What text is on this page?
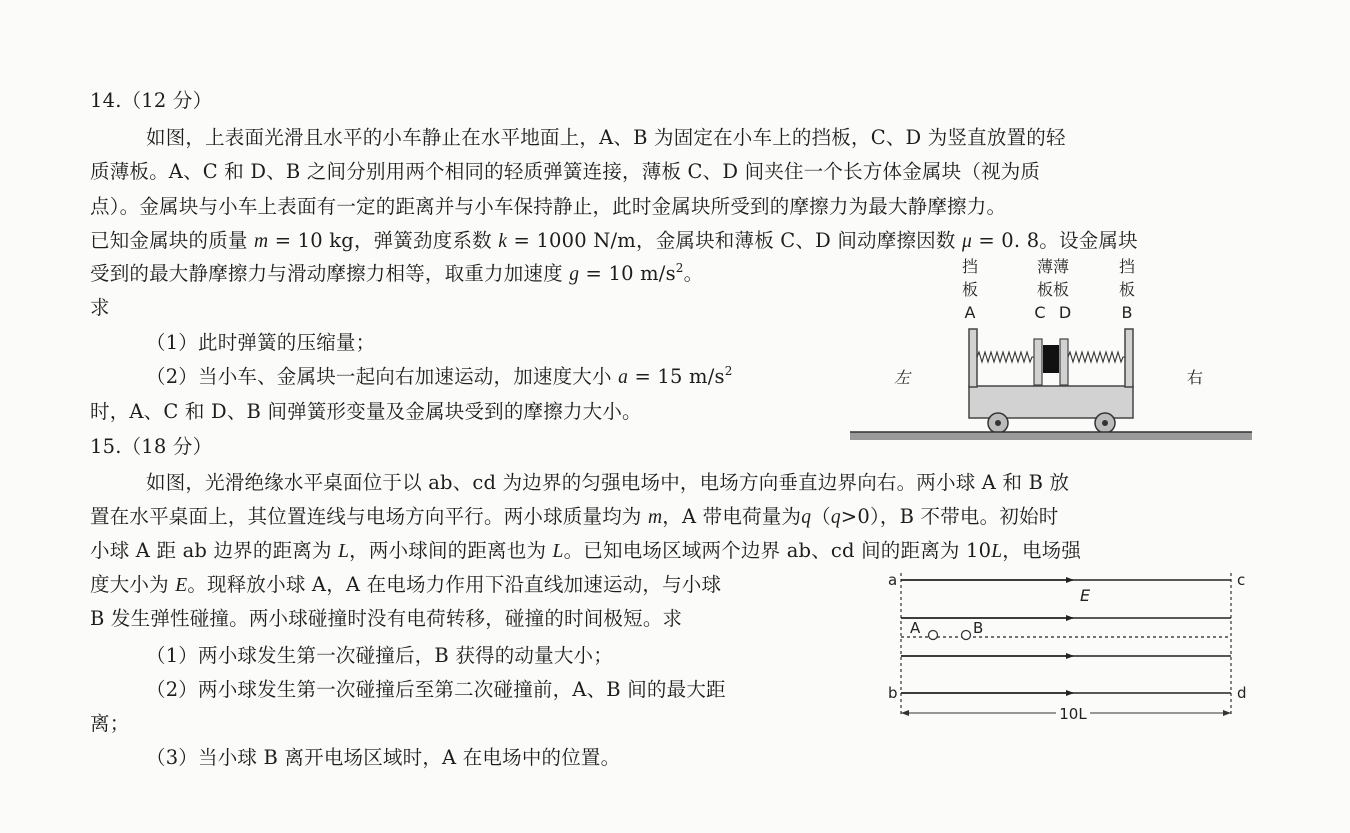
14.（12 分）
如图，上表面光滑且水平的小车静止在水平地面上，A、B 为固定在小车上的挡板，C、D 为竖直放置的轻
质薄板。A、C 和 D、B 之间分别用两个相同的轻质弹簧连接，薄板 C、D 间夹住一个长方体金属块（视为质
点）。金属块与小车上表面有一定的距离并与小车保持静止，此时金属块所受到的摩擦力为最大静摩擦力。
已知金属块的质量 m = 10 kg，弹簧劲度系数 k = 1000 N/m，金属块和薄板 C、D 间动摩擦因数 μ = 0. 8。设金属块
受到的最大静摩擦力与滑动摩擦力相等，取重力加速度 g = 10 $m/s^2$。
求
（1）此时弹簧的压缩量；
（2）当小车、金属块一起向右加速运动，加速度大小 a = 15 $m/s^2$
时，A、C 和 D、B 间弹簧形变量及金属块受到的摩擦力大小。
挡
板
A
薄薄
板板
C D
挡
板
B
左	右
15.（18 分）
如图，光滑绝缘水平桌面位于以 ab、cd 为边界的匀强电场中，电场方向垂直边界向右。两小球 A 和 B 放
置在水平桌面上，其位置连线与电场方向平行。两小球质量均为 m，A 带电荷量为q（q>0），B 不带电。初始时
小球 A 距 ab 边界的距离为 L，两小球间的距离也为 L。已知电场区域两个边界 ab、cd 间的距离为 10L，电场强
度大小为 E。现释放小球 A，A 在电场力作用下沿直线加速运动，与小球
B 发生弹性碰撞。两小球碰撞时没有电荷转移，碰撞的时间极短。求
（1）两小球发生第一次碰撞后，B 获得的动量大小；
（2）两小球发生第一次碰撞后至第二次碰撞前，A、B 间的最大距
离；
（3）当小球 B 离开电场区域时，A 在电场中的位置。
a
b
c
d
E
A	B
10L
